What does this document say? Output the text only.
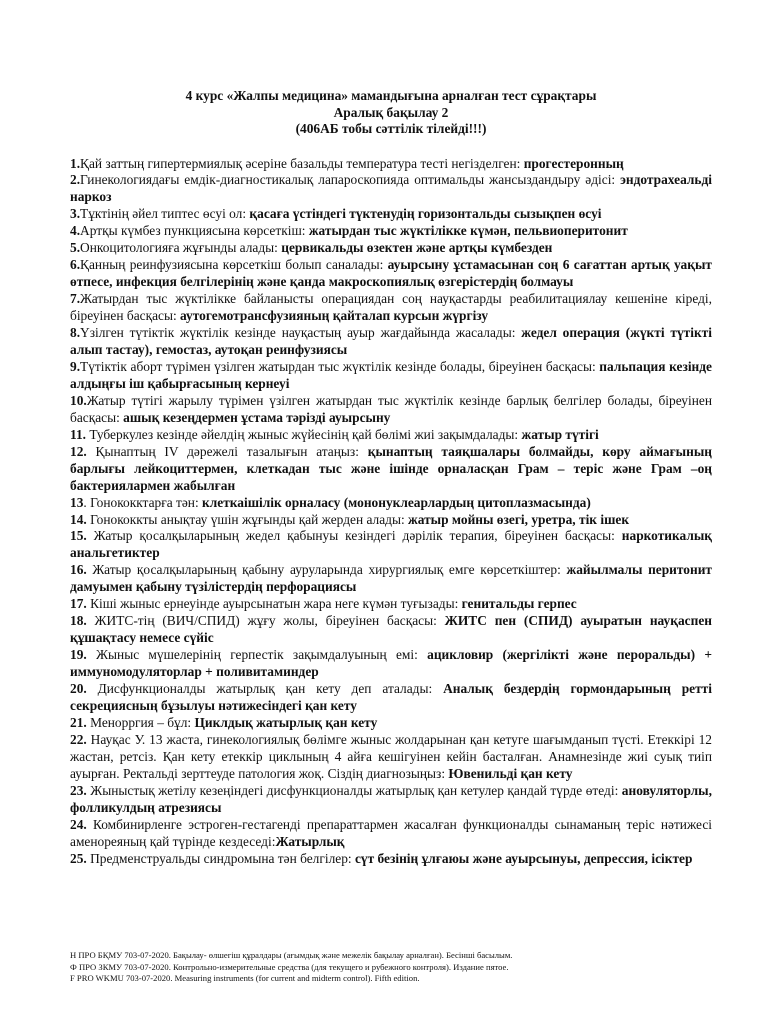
4 курс «Жалпы медицина» мамандығына арналған тест сұрақтары
Аралық бақылау 2
(406АБ тобы сәттілік тілейді!!!)

1.Қай заттың гипертермиялық әсеріне базальды температура тесті негізделген: прогестеронның

2.Гинекологиядағы емдік-диагностикалық лапароскопияда оптимальды жансыздандыру әдісі: эндотрахеальді наркоз

3.Тұктінің әйел типтес өсуі ол: қасаға үстіндегі түктенудің горизонтальды сызықпен өсуі

4.Артқы күмбез пункциясына көрсеткіш: жатырдан тыс жүктілікке күмән, пельвиоперитонит

5.Онкоцитологияға жұғынды алады: цервикальды өзектен және артқы күмбезден

6.Қанның реинфузиясына көрсеткіш болып саналады: ауырсыну ұстамасынан соң 6 сағаттан артық уақыт өтпесе, инфекция белгілерінің және қанда макроскопиялық өзгерістердің болмауы

7.Жатырдан тыс жүктілікке байланысты операциядан соң науқастарды реабилитациялау кешеніне кіреді, біреуінен басқасы: аутогемотрансфузияның қайталап курсын жүргізу

8.Үзілген түтіктік жүктілік кезінде науқастың ауыр жағдайында жасалады: жедел операция (жүкті түтікті алып тастау), гемостаз, аутоқан реинфузиясы

9.Түтіктік аборт түрімен үзілген жатырдан тыс жүктілік кезінде болады, біреуінен басқасы: пальпация кезінде алдыңғы іш қабырғасының кернеуі

10.Жатыр түтігі жарылу түрімен үзілген жатырдан тыс жүктілік кезінде барлық белгілер болады, біреуінен басқасы: ашық кезеңдермен ұстама тәрізді ауырсыну

11. Туберкулез кезінде әйелдің жыныс жүйесінің қай бөлімі жиі зақымдалады: жатыр түтігі

12. Қынаптың IV дәрежелі тазалығын атаңыз: қынаптың таяқшалары болмайды, көру аймағының барлығы лейкоциттермен, клеткадан тыс және ішінде орналасқан Грам – теріс және Грам –оң бактериялармен жабылған

13. Гонококктарға тән: клеткаішілік орналасу (мононуклеарлардың цитоплазмасында)

14. Гонококкты анықтау үшін жұғынды қай жерден алады: жатыр мойны өзегі, уретра, тік ішек

15. Жатыр қосалқыларының жедел қабынуы кезіндегі дәрілік терапия, біреуінен басқасы: наркотикалық анальгетиктер

16. Жатыр қосалқыларының қабыну ауруларында хирургиялық емге көрсеткіштер: жайылмалы перитонит дамуымен қабыну түзілістердің перфорациясы

17. Кіші жыныс ернеуінде ауырсынатын жара неге күмән туғызады: генитальды герпес

18. ЖИТС-тің (ВИЧ/СПИД) жұғу жолы, біреуінен басқасы: ЖИТС пен (СПИД) ауыратын науқаспен құшақтасу немесе сүйіс

19. Жыныс мүшелерінің герпестік зақымдалуының емі: ацикловир (жергілікті және перорaльды) + иммуномодуляторлар + поливитаминдер

20. Дисфункционалды жатырлық қан кету деп аталады: Аналық бездердің гормондарының ретті секрециясның бұзылуы нәтижесіндегі қан кету

21. Менорргия – бұл: Циклдық жатырлық қан кету

22. Науқас У. 13 жаста, гинекологиялық бөлімге жыныс жолдарынан қан кетуге шағымданып түсті. Етеккірі 12 жастан, ретсіз. Қан кету етеккір циклының 4 айға кешігуінен кейін басталған. Анамнезінде жиі суық тиіп ауырған. Ректальді зерттеуде патология жоқ. Сіздің диагнозыңыз: Ювенильді қан кету

23. Жыныстық жетілу кезеңіндегі дисфункционалды жатырлық қан кетулер қандай түрде өтеді: ановуляторлы, фолликулдың атрезиясы

24. Комбинирленге эстроген-гестагенді препараттармен жасалған функционалды сынаманың теріс нәтижесі аменореяның қай түрінде кездеседі:Жатырлық

25. Предменструальды синдромына тән белгілер: сүт безінің ұлғаюы және ауырсынуы, депрессия, ісіктер

Н ПРО БҚМУ 703-07-2020. Бақылау- өлшегіш құралдары (ағымдық және межелік бақылау арналған). Бесінші басылым.
Ф ПРО ЗКМУ 703-07-2020. Контрольно-измерительные средства (для текущего и рубежного контроля). Издание пятое.
F PRO WKMU 703-07-2020. Measuring instruments (for current and midterm control). Fifth edition.
